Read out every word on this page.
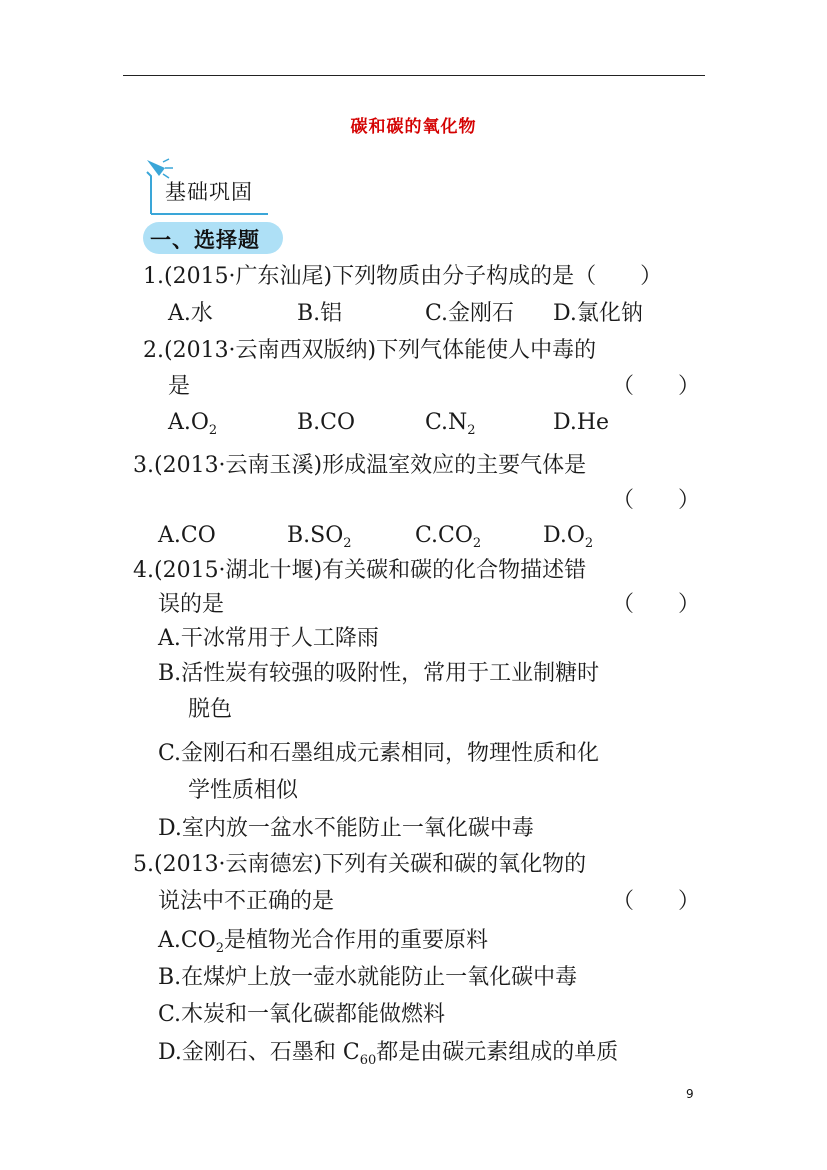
碳和碳的氧化物
基础巩固
一、选择题
1.(2015·广东汕尾)下列物质由分子构成的是（　　）
A.水	B.铝	C.金刚石 D.氯化钠
2.(2013·云南西双版纳)下列气体能使人中毒的
是	（　　）
$A.O_2$	B.CO	$C.N_2$	D.He
3.(2013·云南玉溪)形成温室效应的主要气体是
（　　）
A.CO	$B.SO_2$	$C.CO_2$	$D.O_2$
4.(2015·湖北十堰)有关碳和碳的化合物描述错
误的是	（　　）
A.干冰常用于人工降雨
B.活性炭有较强的吸附性，常用于工业制糖时
脱色
C.金刚石和石墨组成元素相同，物理性质和化
学性质相似
D.室内放一盆水不能防止一氧化碳中毒
5.(2013·云南德宏)下列有关碳和碳的氧化物的
说法中不正确的是	（　　）
$A.CO_2$是植物光合作用的重要原料
B.在煤炉上放一壶水就能防止一氧化碳中毒
C.木炭和一氧化碳都能做燃料
D.金刚石、石墨和 $C_{60}$都是由碳元素组成的单质
9
